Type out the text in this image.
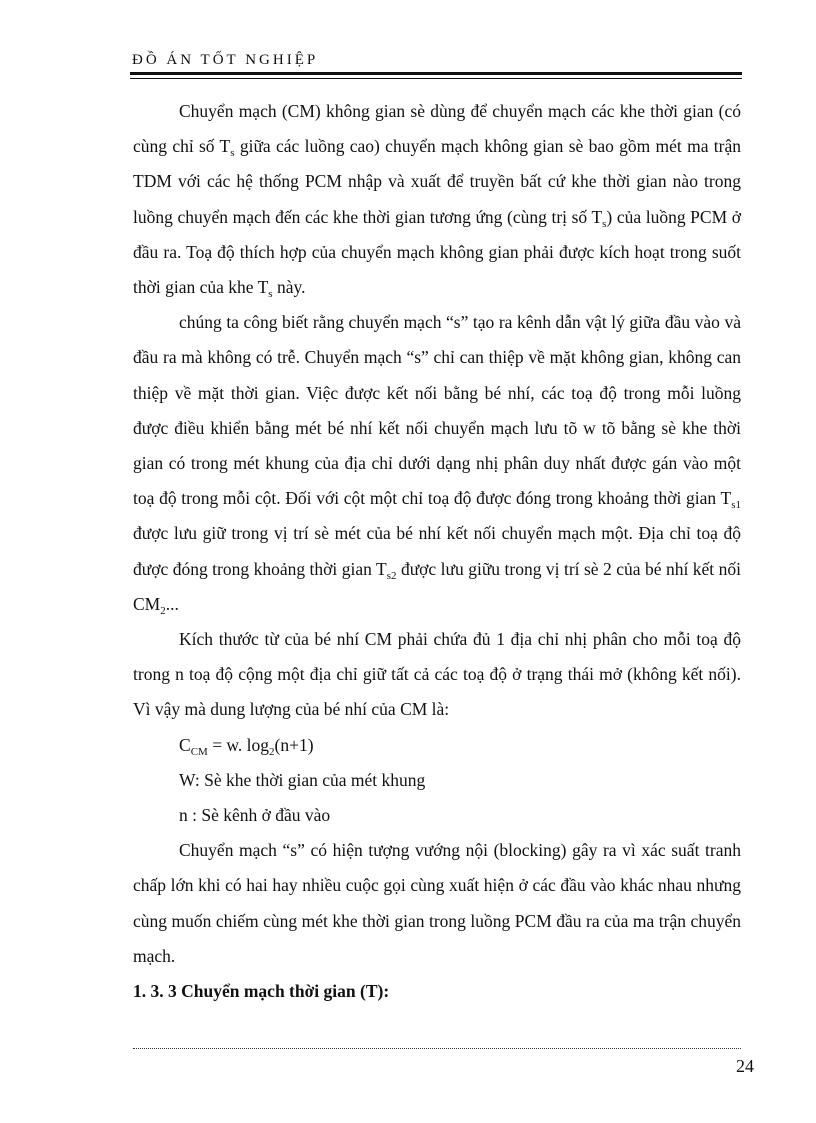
ĐỒ ÁN TỐT NGHIỆP

Chuyển mạch (CM) không gian sè dùng để chuyển mạch các khe thời gian (có cùng chỉ số $T_s$ giữa các luồng cao) chuyển mạch không gian sè bao gồm mét ma trận TDM với các hệ thống PCM nhập và xuất để truyền bất cứ khe thời gian nào trong luồng chuyển mạch đến các khe thời gian tương ứng (cùng trị số $T_s$) của luồng PCM ở đầu ra. Toạ độ thích hợp của chuyển mạch không gian phải được kích hoạt trong suốt thời gian của khe $T_s$ này.

chúng ta công biết rằng chuyển mạch “s” tạo ra kênh dẫn vật lý giữa đầu vào và đầu ra mà không có trễ. Chuyển mạch “s” chỉ can thiệp về mặt không gian, không can thiệp về mặt thời gian. Việc được kết nối bằng bé nhí, các toạ độ trong mỗi luồng được điều khiển bằng mét bé nhí kết nối chuyển mạch lưu tõ w tõ bằng sè khe thời gian có trong mét khung của địa chỉ dưới dạng nhị phân duy nhất được gán vào một toạ độ trong mỗi cột. Đối với cột một chỉ toạ độ được đóng trong khoảng thời gian $T_{s1}$ được lưu giữ trong vị trí sè mét của bé nhí kết nối chuyển mạch một. Địa chỉ toạ độ được đóng trong khoảng thời gian $T_{s2}$ được lưu giữu trong vị trí sè 2 của bé nhí kết nối $CM_2$...

Kích thước từ của bé nhí CM phải chứa đủ 1 địa chỉ nhị phân cho mỗi toạ độ trong n toạ độ cộng một địa chỉ giữ tất cả các toạ độ ở trạng thái mở (không kết nối). Vì vậy mà dung lượng của bé nhí của CM là:

$C_{CM} = w$. $\log_2(n+1)$

W: Sè khe thời gian của mét khung

n : Sè kênh ở đầu vào

Chuyển mạch “s” có hiện tượng vướng nội (blocking) gây ra vì xác suất tranh chấp lớn khi có hai hay nhiều cuộc gọi cùng xuất hiện ở các đầu vào khác nhau nhưng cùng muốn chiếm cùng mét khe thời gian trong luồng PCM đầu ra của ma trận chuyển mạch.

1. 3. 3 Chuyển mạch thời gian (T):

24
